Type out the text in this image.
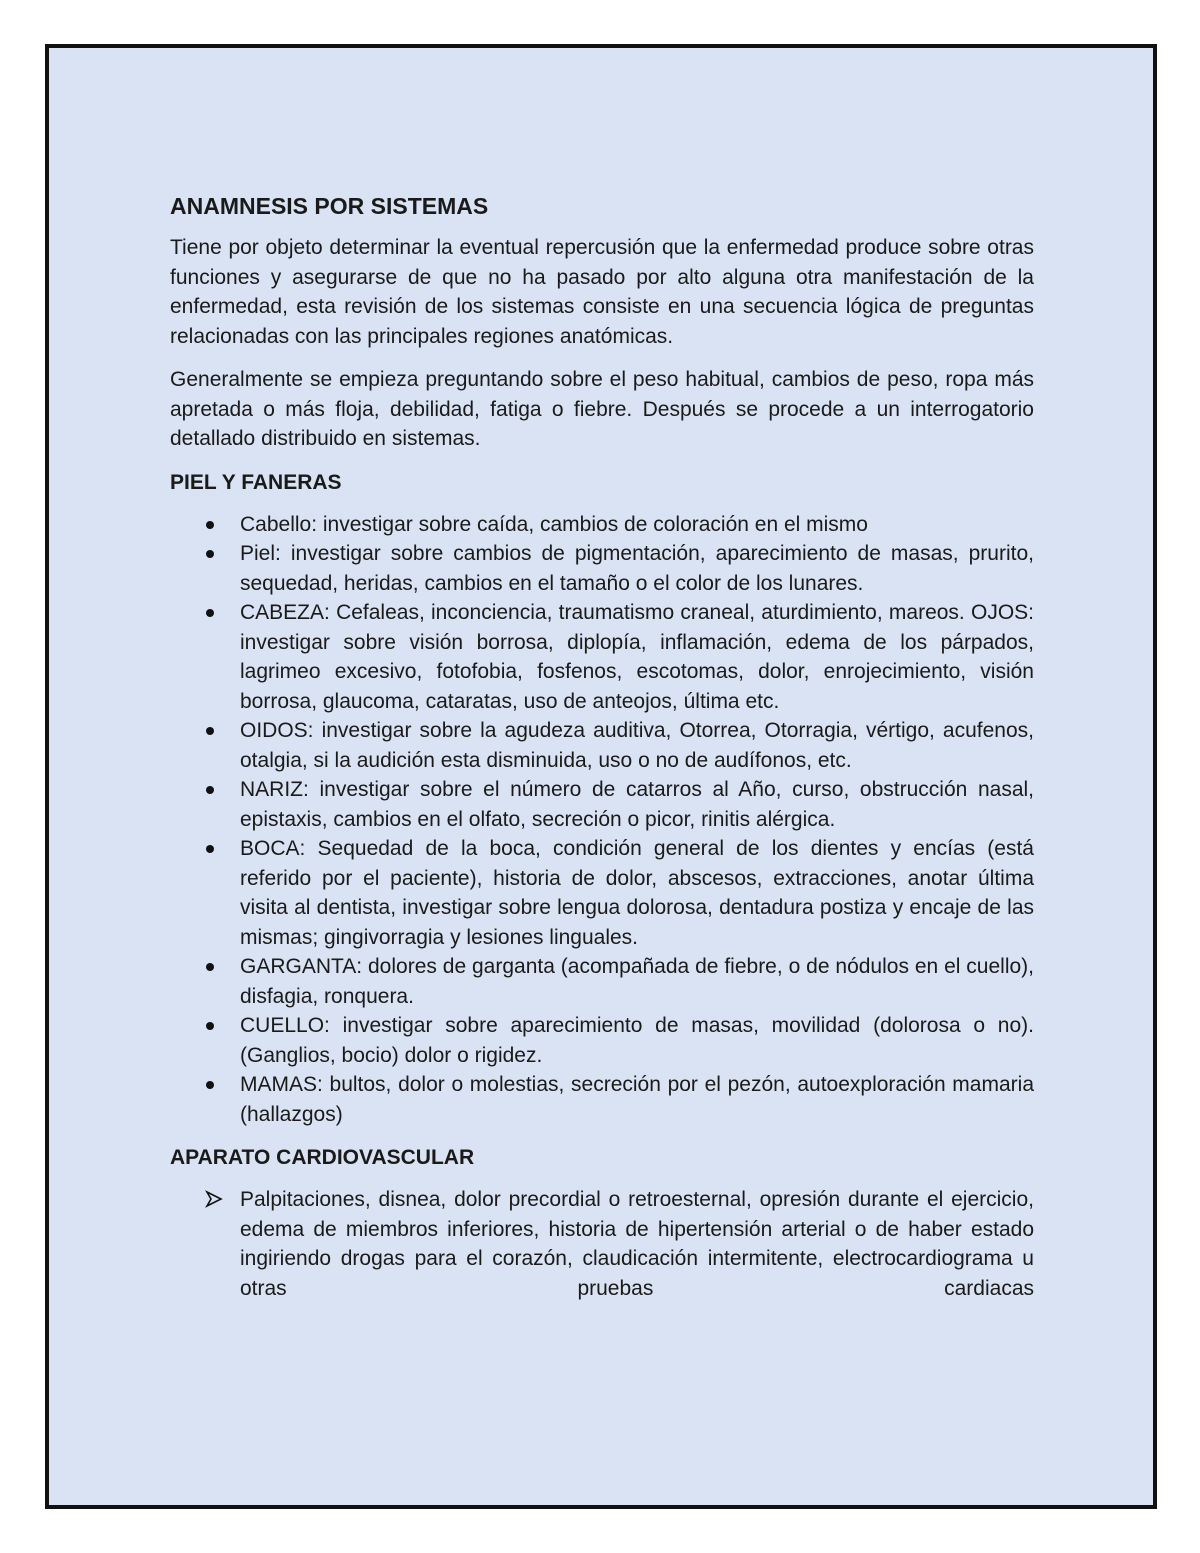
ANAMNESIS POR SISTEMAS

Tiene por objeto determinar la eventual repercusión que la enfermedad produce sobre otras funciones y asegurarse de que no ha pasado por alto alguna otra manifestación de la enfermedad, esta revisión de los sistemas consiste en una secuencia lógica de preguntas relacionadas con las principales regiones anatómicas.

Generalmente se empieza preguntando sobre el peso habitual, cambios de peso, ropa más apretada o más floja, debilidad, fatiga o fiebre. Después se procede a un interrogatorio detallado distribuido en sistemas.

PIEL Y FANERAS
Cabello: investigar sobre caída, cambios de coloración en el mismo
Piel: investigar sobre cambios de pigmentación, aparecimiento de masas, prurito, sequedad, heridas, cambios en el tamaño o el color de los lunares.
CABEZA: Cefaleas, inconciencia, traumatismo craneal, aturdimiento, mareos. OJOS: investigar sobre visión borrosa, diplopía, inflamación, edema de los párpados, lagrimeo excesivo, fotofobia, fosfenos, escotomas, dolor, enrojecimiento, visión borrosa, glaucoma, cataratas, uso de anteojos, última etc.
OIDOS: investigar sobre la agudeza auditiva, Otorrea, Otorragia, vértigo, acufenos, otalgia, si la audición esta disminuida, uso o no de audífonos, etc.
NARIZ: investigar sobre el número de catarros al Año, curso, obstrucción nasal, epistaxis, cambios en el olfato, secreción o picor, rinitis alérgica.
BOCA: Sequedad de la boca, condición general de los dientes y encías (está referido por el paciente), historia de dolor, abscesos, extracciones, anotar última visita al dentista, investigar sobre lengua dolorosa, dentadura postiza y encaje de las mismas; gingivorragia y lesiones linguales.
GARGANTA: dolores de garganta (acompañada de fiebre, o de nódulos en el cuello), disfagia, ronquera.
CUELLO: investigar sobre aparecimiento de masas, movilidad (dolorosa o no). (Ganglios, bocio) dolor o rigidez.
MAMAS: bultos, dolor o molestias, secreción por el pezón, autoexploración mamaria (hallazgos)
APARATO CARDIOVASCULAR
Palpitaciones, disnea, dolor precordial o retroesternal, opresión durante el ejercicio, edema de miembros inferiores, historia de hipertensión arterial o de haber estado ingiriendo drogas para el corazón, claudicación intermitente, electrocardiograma u otras pruebas cardiacas
